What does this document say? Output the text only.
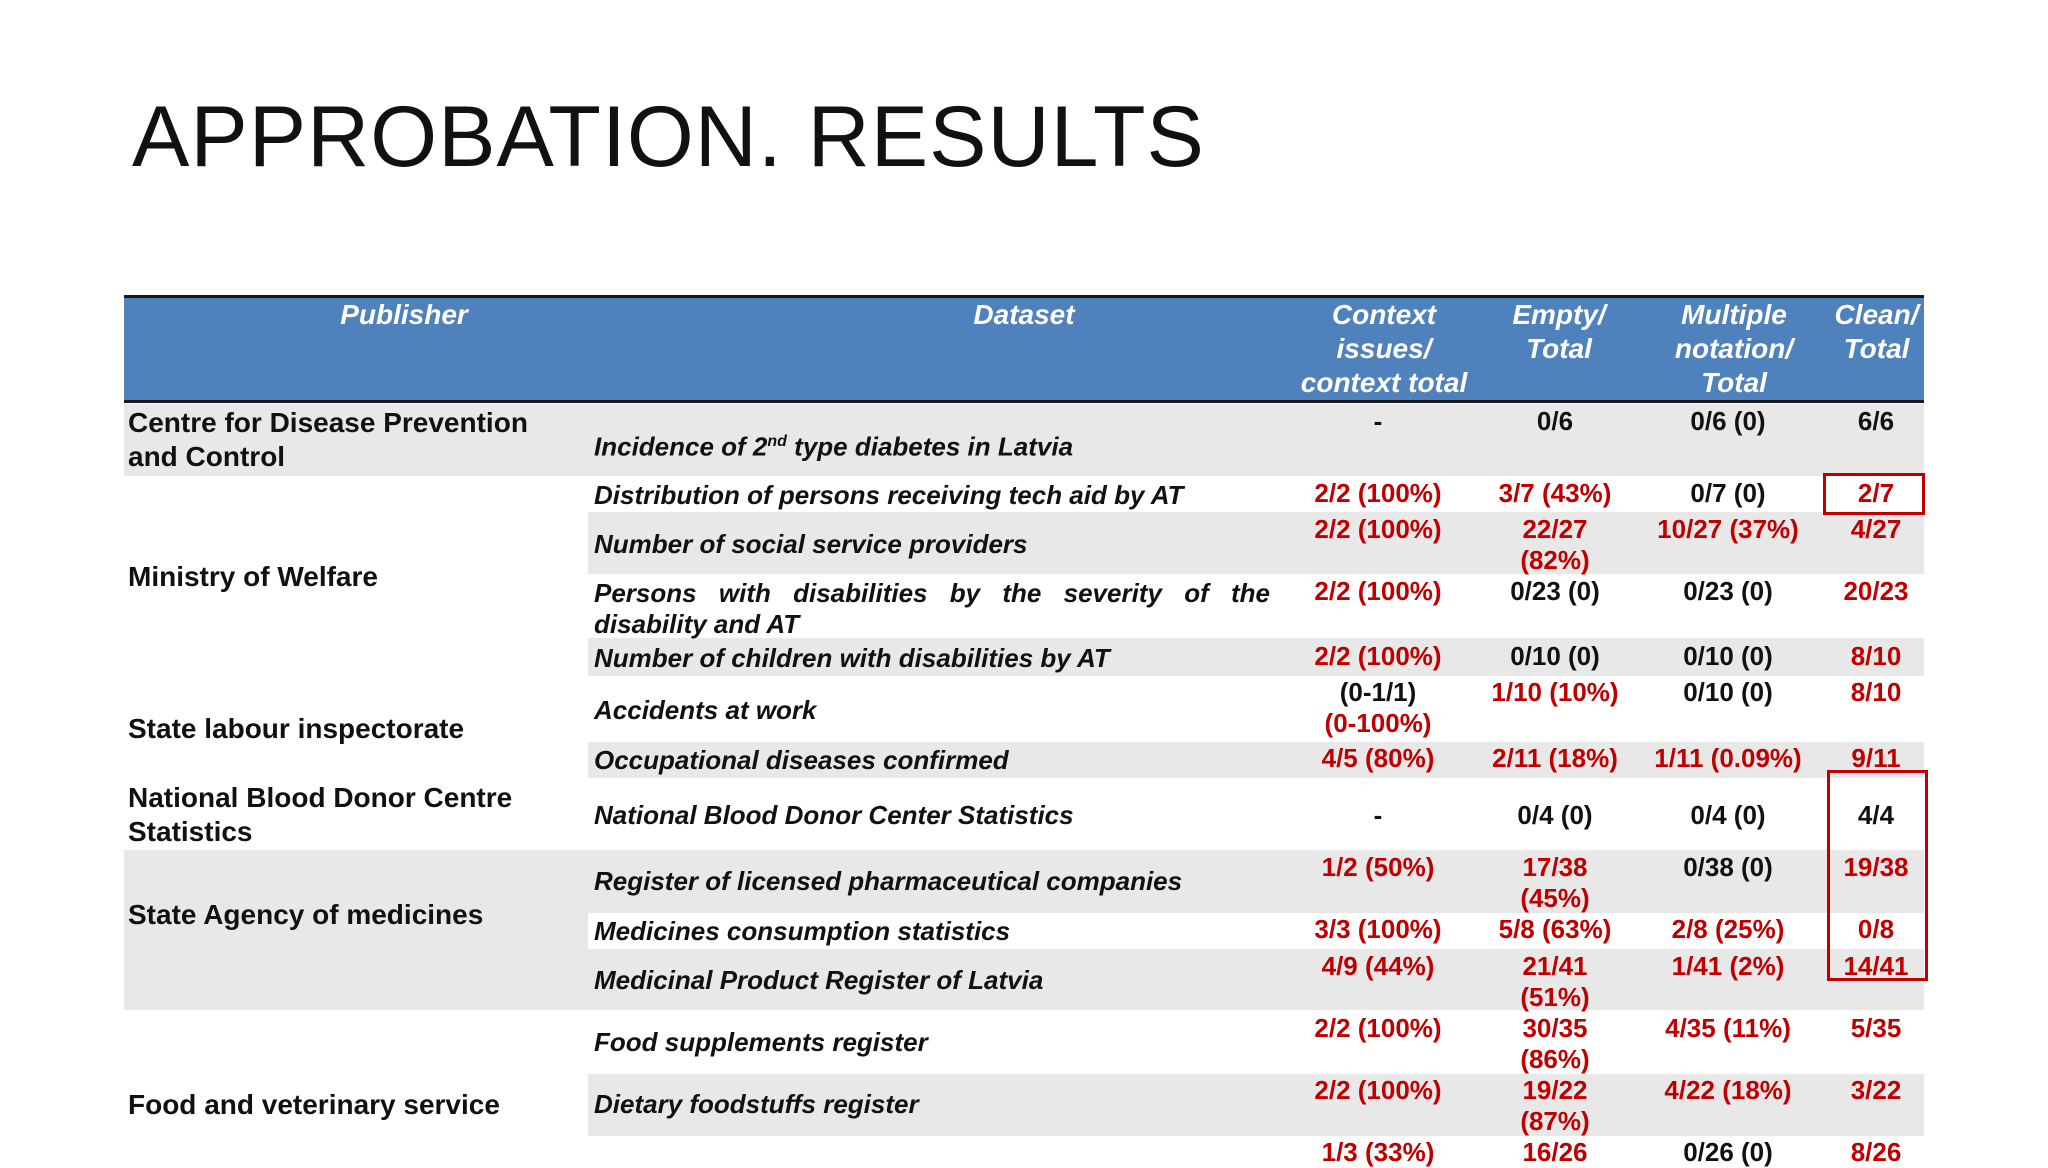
APPROBATION. RESULTS
Publisher	Dataset	Context
issues/
context total
Empty/
Total
Multiple
notation/
Total
Clean/
Total
Centre for Disease Prevention
and Control
Ministry of Welfare
State labour inspectorate
National Blood Donor Centre
Statistics
State Agency of medicines
Food and veterinary service
Incidence of 2nd type diabetes in Latvia
Distribution of persons receiving tech aid by AT
Number of social service providers
Persons with disabilities by the severity of the
disability and AT
Number of children with disabilities by AT
Accidents at work
Occupational diseases confirmed
National Blood Donor Center Statistics
Register of licensed pharmaceutical companies
Medicines consumption statistics
Medicinal Product Register of Latvia
Food supplements register
Dietary foodstuffs register
-
2/2 (100%)
2/2 (100%)
2/2 (100%)
2/2 (100%)
(0-1/1)
(0-100%)
4/5 (80%)
-
1/2 (50%)
3/3 (100%)
4/9 (44%)
2/2 (100%)
2/2 (100%)
1/3 (33%)
0/6
3/7 (43%)
22/27
(82%)
0/23 (0)
0/10 (0)
1/10 (10%)
2/11 (18%)
0/4 (0)
17/38
(45%)
5/8 (63%)
21/41
(51%)
30/35
(86%)
19/22
(87%)
16/26
0/6 (0)
0/7 (0)
10/27 (37%)
0/23 (0)
0/10 (0)
0/10 (0)
1/11 (0.09%)
0/4 (0)
0/38 (0)
2/8 (25%)
1/41 (2%)
4/35 (11%)
4/22 (18%)
0/26 (0)
6/6
2/7
4/27
20/23
8/10
8/10
9/11
4/4
19/38
0/8
14/41
5/35
3/22
8/26
